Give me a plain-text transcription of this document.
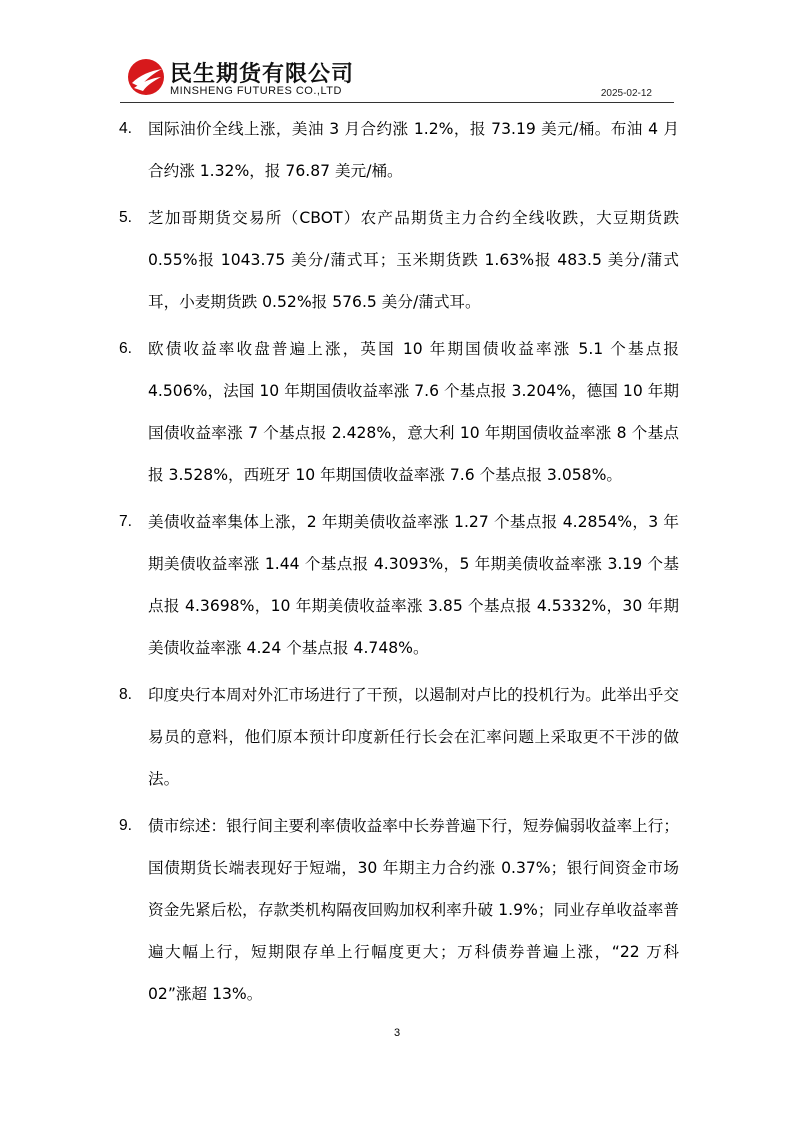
民生期货有限公司
MINSHENG FUTURES CO.,LTD	2025-02-12
4. 国际油价全线上涨，美油 3 月合约涨 1.2%，报 73.19 美元/桶。布油 4 月合约涨 1.32%，报 76.87 美元/桶。
5. 芝加哥期货交易所（CBOT）农产品期货主力合约全线收跌，大豆期货跌 0.55%报 1043.75 美分/蒲式耳；玉米期货跌 1.63%报 483.5 美分/蒲式耳，小麦期货跌 0.52%报 576.5 美分/蒲式耳。
6. 欧债收益率收盘普遍上涨，英国 10 年期国债收益率涨 5.1 个基点报 4.506%，法国 10 年期国债收益率涨 7.6 个基点报 3.204%，德国 10 年期国债收益率涨 7 个基点报 2.428%，意大利 10 年期国债收益率涨 8 个基点报 3.528%，西班牙 10 年期国债收益率涨 7.6 个基点报 3.058%。
7. 美债收益率集体上涨，2 年期美债收益率涨 1.27 个基点报 4.2854%，3 年期美债收益率涨 1.44 个基点报 4.3093%，5 年期美债收益率涨 3.19 个基点报 4.3698%，10 年期美债收益率涨 3.85 个基点报 4.5332%，30 年期美债收益率涨 4.24 个基点报 4.748%。
8. 印度央行本周对外汇市场进行了干预，以遏制对卢比的投机行为。此举出乎交易员的意料，他们原本预计印度新任行长会在汇率问题上采取更不干涉的做法。
9. 债市综述：银行间主要利率债收益率中长券普遍下行，短券偏弱收益率上行；国债期货长端表现好于短端，30 年期主力合约涨 0.37%；银行间资金市场资金先紧后松，存款类机构隔夜回购加权利率升破 1.9%；同业存单收益率普遍大幅上行，短期限存单上行幅度更大；万科债券普遍上涨，“22 万科 02”涨超 13%。
3
